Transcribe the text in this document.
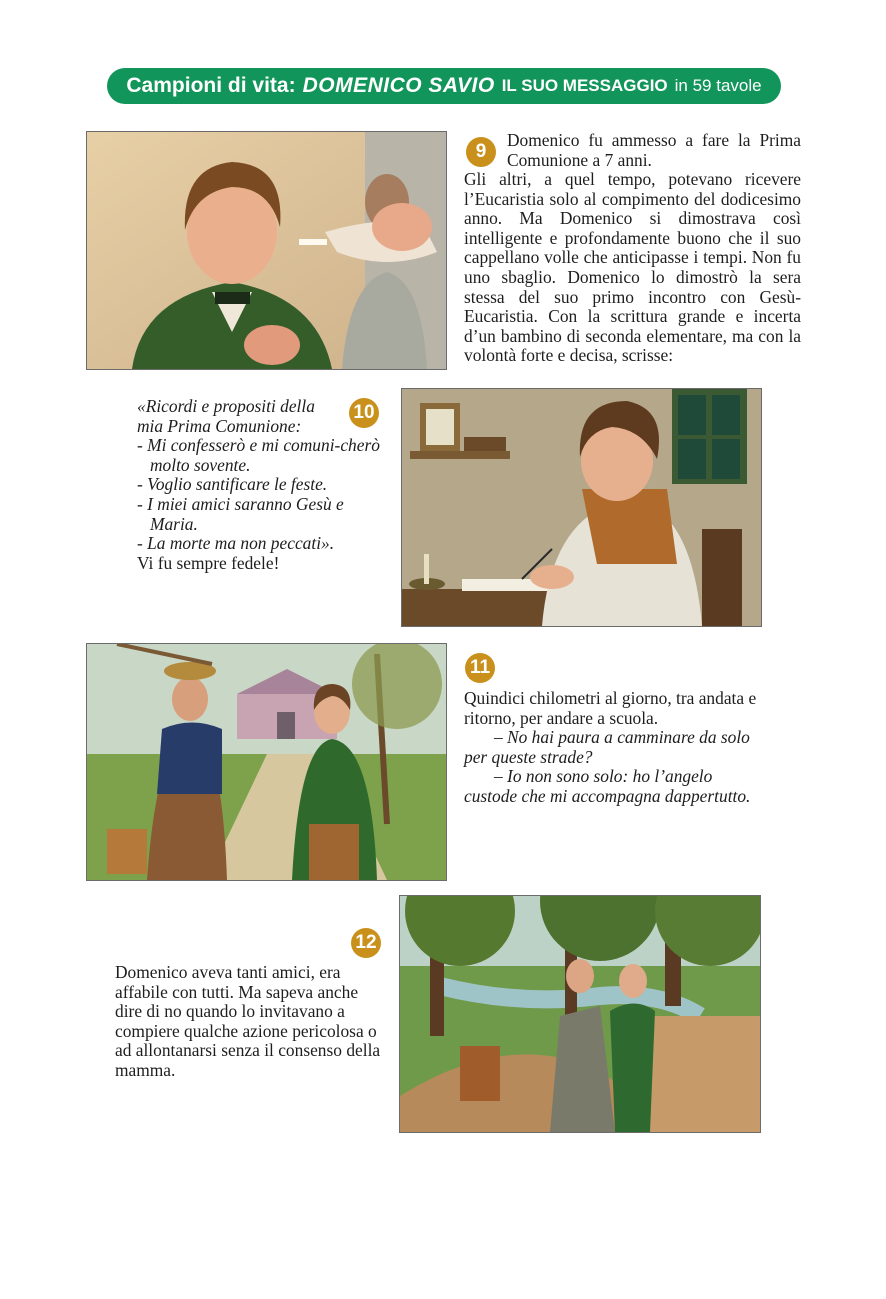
Campioni di vita: DOMENICO SAVIO IL SUO MESSAGGIO in 59 tavole
9
Domenico fu ammesso a fare la Prima Comunione a 7 anni.
Gli altri, a quel tempo, potevano ricevere l’Eucaristia solo al compimento del dodicesimo anno. Ma Domenico si dimostrava così intelligente e profondamente buono che il suo cappellano volle che anticipasse i tempi. Non fu uno sbaglio. Domenico lo dimostrò la sera stessa del suo primo incontro con Gesù-Eucaristia. Con la scrittura grande e incerta d’un bambino di seconda elementare, ma con la volontà forte e decisa, scrisse:
10

«Ricordi e propositi della mia Prima Comunione:

- Mi confesserò e mi comuni-cherò molto sovente.

- Voglio santificare le feste.

- I miei amici saranno Gesù e Maria.

- La morte ma non peccati».

Vi fu sempre fedele!

11

Quindici chilometri al giorno, tra andata e ritorno, per andare a scuola.

– No hai paura a camminare da solo per queste strade?

– Io non sono solo: ho l’angelo custode che mi accompagna dappertutto.

12
Domenico aveva tanti amici, era affabile con tutti. Ma sapeva anche dire di no quando lo invitavano a compiere qualche azione pericolosa o ad allontanarsi senza il consenso della mamma.
